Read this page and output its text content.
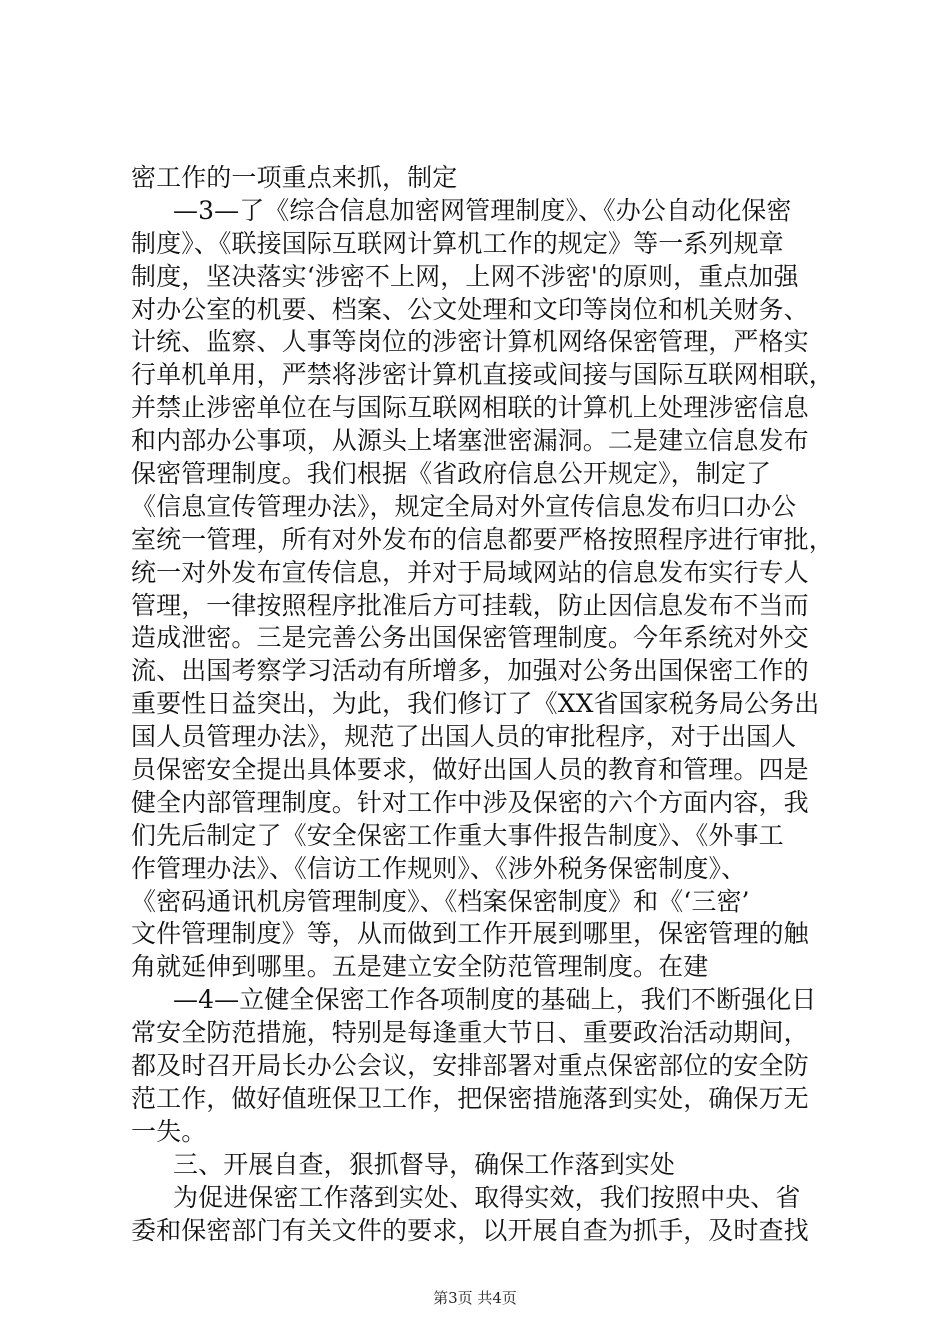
密工作的一项重点来抓，制定
—3—了《综合信息加密网管理制度》、《办公自动化保密
制度》、《联接国际互联网计算机工作的规定》等一系列规章
制度，坚决落实‘涉密不上网，上网不涉密'的原则，重点加强
对办公室的机要、档案、公文处理和文印等岗位和机关财务、
计统、监察、人事等岗位的涉密计算机网络保密管理，严格实
行单机单用，严禁将涉密计算机直接或间接与国际互联网相联，
并禁止涉密单位在与国际互联网相联的计算机上处理涉密信息
和内部办公事项，从源头上堵塞泄密漏洞。二是建立信息发布
保密管理制度。我们根据《省政府信息公开规定》，制定了
《信息宣传管理办法》，规定全局对外宣传信息发布归口办公
室统一管理，所有对外发布的信息都要严格按照程序进行审批，
统一对外发布宣传信息，并对于局域网站的信息发布实行专人
管理，一律按照程序批准后方可挂载，防止因信息发布不当而
造成泄密。三是完善公务出国保密管理制度。今年系统对外交
流、出国考察学习活动有所增多，加强对公务出国保密工作的
重要性日益突出，为此，我们修订了《XX省国家税务局公务出
国人员管理办法》，规范了出国人员的审批程序，对于出国人
员保密安全提出具体要求，做好出国人员的教育和管理。四是
健全内部管理制度。针对工作中涉及保密的六个方面内容，我
们先后制定了《安全保密工作重大事件报告制度》、《外事工
作管理办法》、《信访工作规则》、《涉外税务保密制度》、
《密码通讯机房管理制度》、《档案保密制度》和《‘三密’
文件管理制度》等，从而做到工作开展到哪里，保密管理的触
角就延伸到哪里。五是建立安全防范管理制度。在建
—4—立健全保密工作各项制度的基础上，我们不断强化日
常安全防范措施，特别是每逢重大节日、重要政治活动期间，
都及时召开局长办公会议，安排部署对重点保密部位的安全防
范工作，做好值班保卫工作，把保密措施落到实处，确保万无
一失。
三、开展自查，狠抓督导，确保工作落到实处
为促进保密工作落到实处、取得实效，我们按照中央、省
委和保密部门有关文件的要求，以开展自查为抓手，及时查找
第3页 共4页
